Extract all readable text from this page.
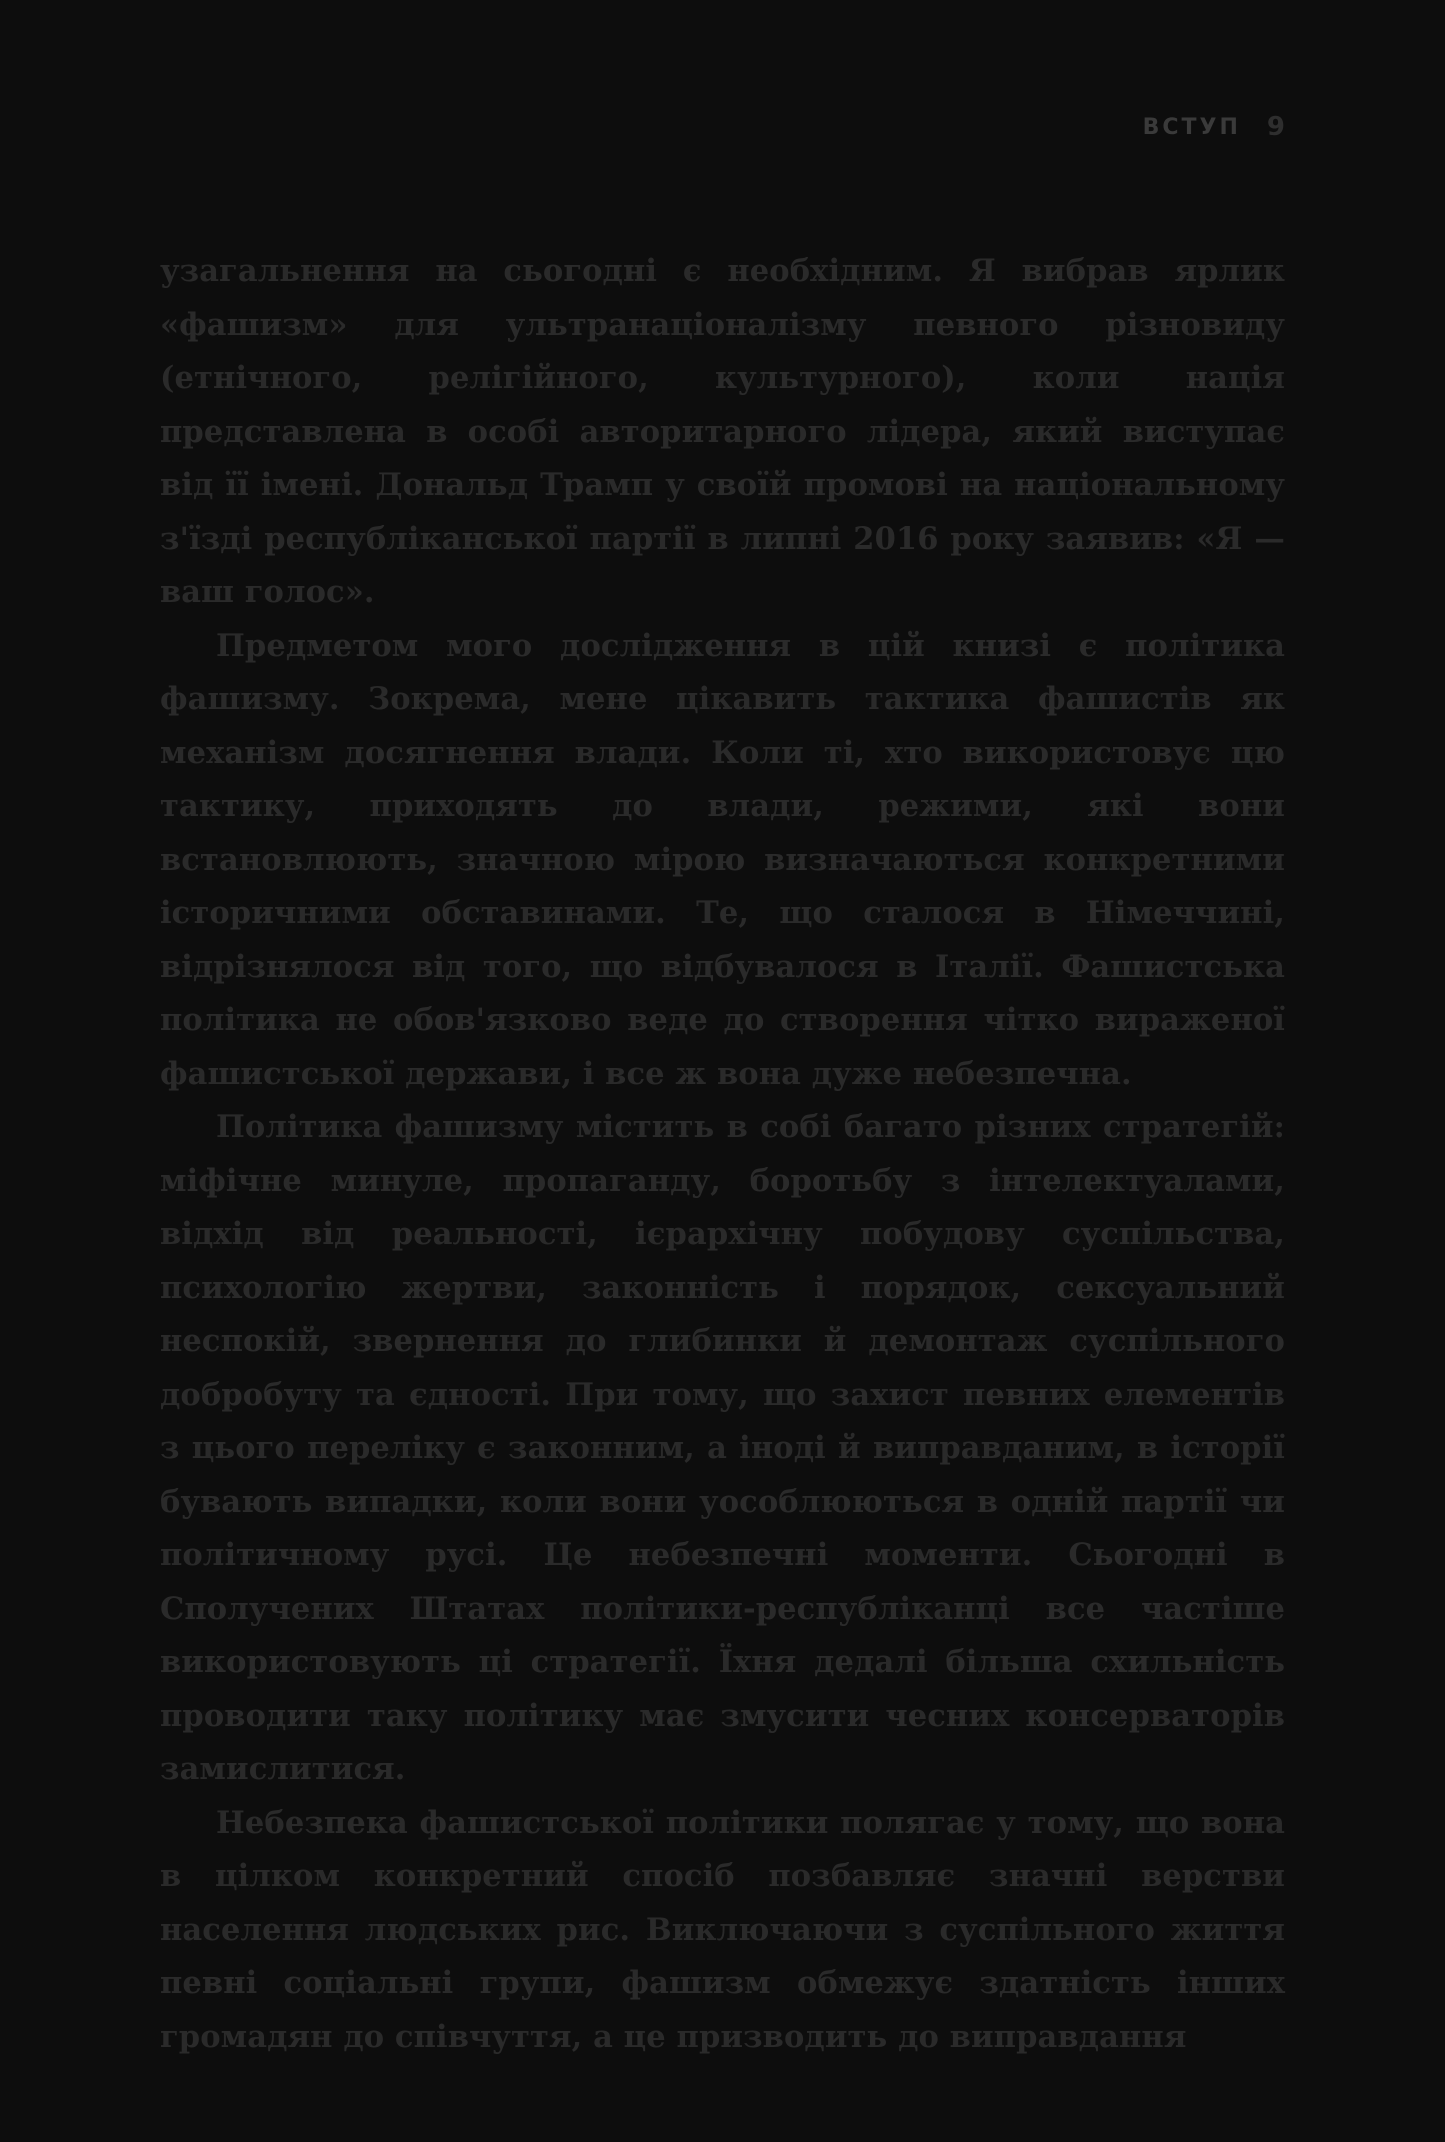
ВСТУП 9

узагальнення на сьогодні є необхідним. Я вибрав ярлик «фашизм» для ультранаціоналізму певного різновиду (етнічного, релігійного, культурного), коли нація представлена в особі авторитарного лідера, який виступає від її імені. Дональд Трамп у своїй промові на національному з'їзді республіканської партії в липні 2016 року заявив: «Я — ваш голос».

Предметом мого дослідження в цій книзі є політика фашизму. Зокрема, мене цікавить тактика фашистів як механізм досягнення влади. Коли ті, хто використовує цю тактику, приходять до влади, режими, які вони встановлюють, значною мірою визначаються конкретними історичними обставинами. Те, що сталося в Німеччині, відрізнялося від того, що відбувалося в Італії. Фашистська політика не обов'язково веде до створення чітко вираженої фашистської держави, і все ж вона дуже небезпечна.

Політика фашизму містить в собі багато різних стратегій: міфічне минуле, пропаганду, боротьбу з інтелектуалами, відхід від реальності, ієрархічну побудову суспільства, психологію жертви, законність і порядок, сексуальний неспокій, звернення до глибинки й демонтаж суспільного добробуту та єдності. При тому, що захист певних елементів з цього переліку є законним, а іноді й виправданим, в історії бувають випадки, коли вони уособлюються в одній партії чи політичному русі. Це небезпечні моменти. Сьогодні в Сполучених Штатах політики-республіканці все частіше використовують ці стратегії. Їхня дедалі більша схильність проводити таку політику має змусити чесних консерваторів замислитися.

Небезпека фашистської політики полягає у тому, що вона в цілком конкретний спосіб позбавляє значні верстви населення людських рис. Виключаючи з суспільного життя певні соціальні групи, фашизм обмежує здатність інших громадян до співчуття, а це призводить до виправдання
